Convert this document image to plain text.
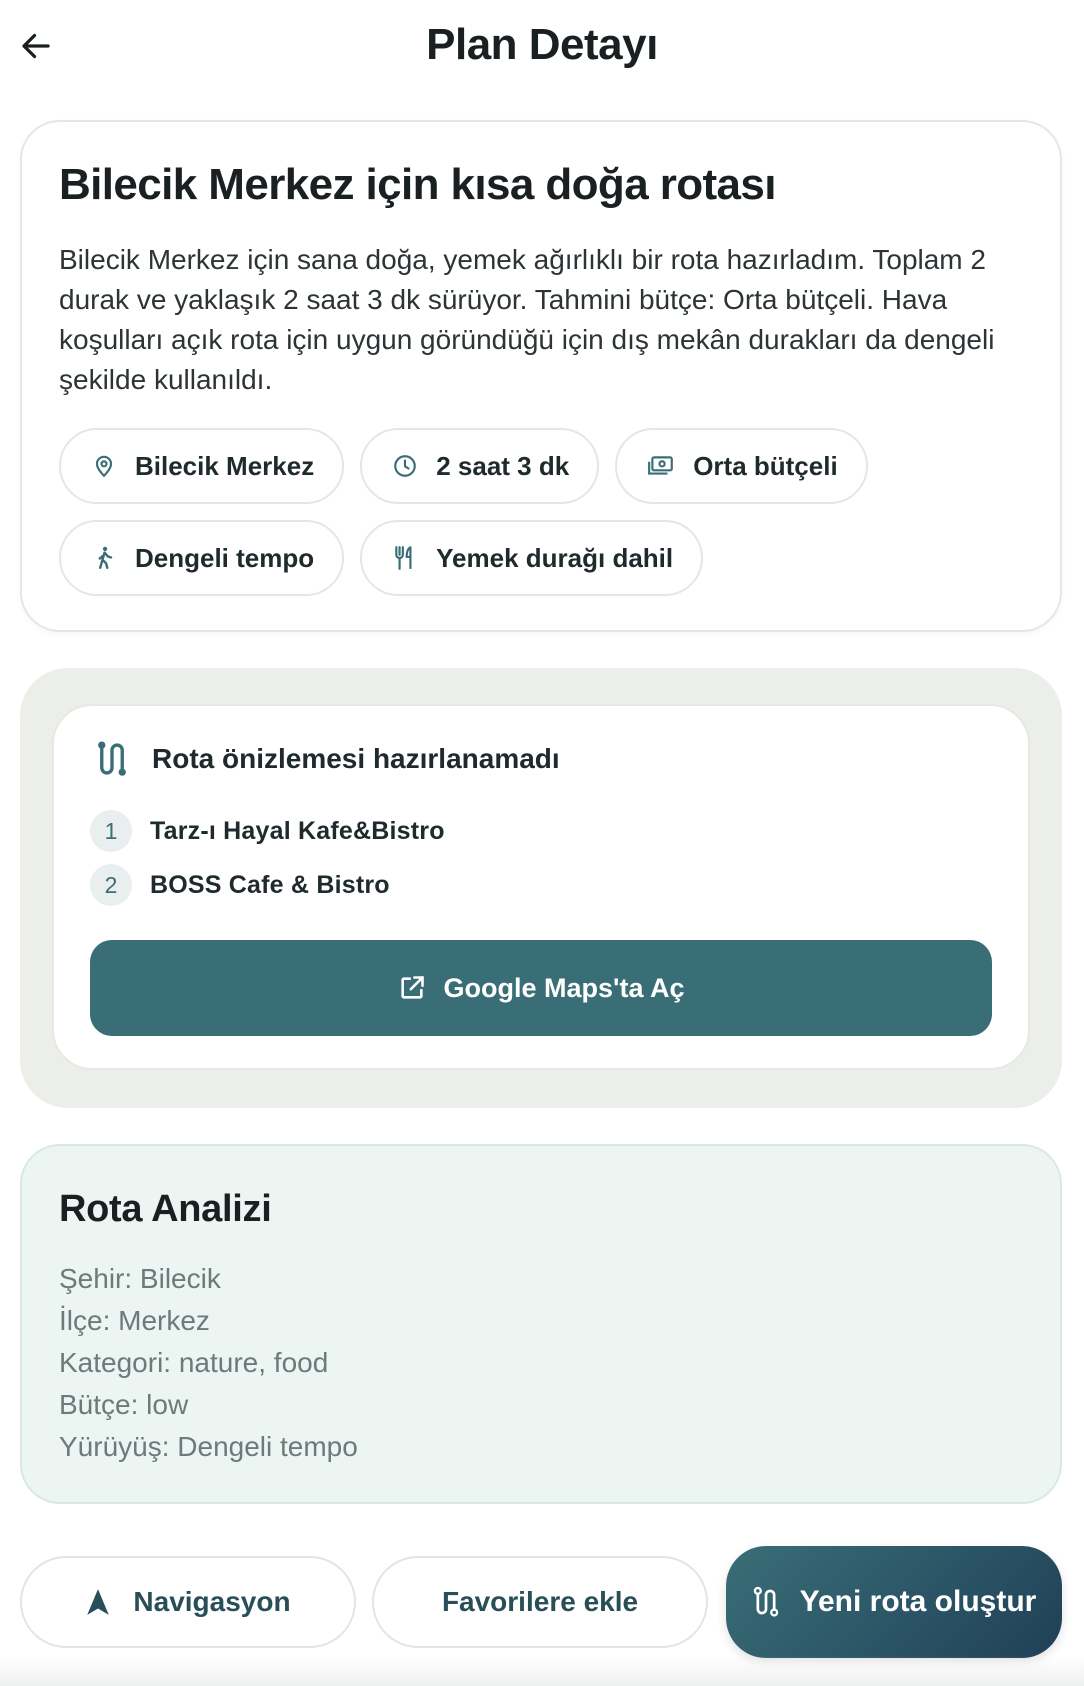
Plan Detayı
Bilecik Merkez için kısa doğa rotası
Bilecik Merkez için sana doğa, yemek ağırlıklı bir rota hazırladım. Toplam 2 durak ve yaklaşık 2 saat 3 dk sürüyor. Tahmini bütçe: Orta bütçeli. Hava koşulları açık rota için uygun göründüğü için dış mekân durakları da dengeli şekilde kullanıldı.
Bilecik Merkez	2 saat 3 dk	Orta bütçeli
Dengeli tempo	Yemek durağı dahil
Rota önizlemesi hazırlanamadı
1	Tarz-ı Hayal Kafe&Bistro
2	BOSS Cafe & Bistro
Google Maps'ta Aç
Rota Analizi
Şehir: Bilecik
İlçe: Merkez
Kategori: nature, food
Bütçe: low
Yürüyüş: Dengeli tempo
Navigasyon	Favorilere ekle	Yeni rota oluştur
